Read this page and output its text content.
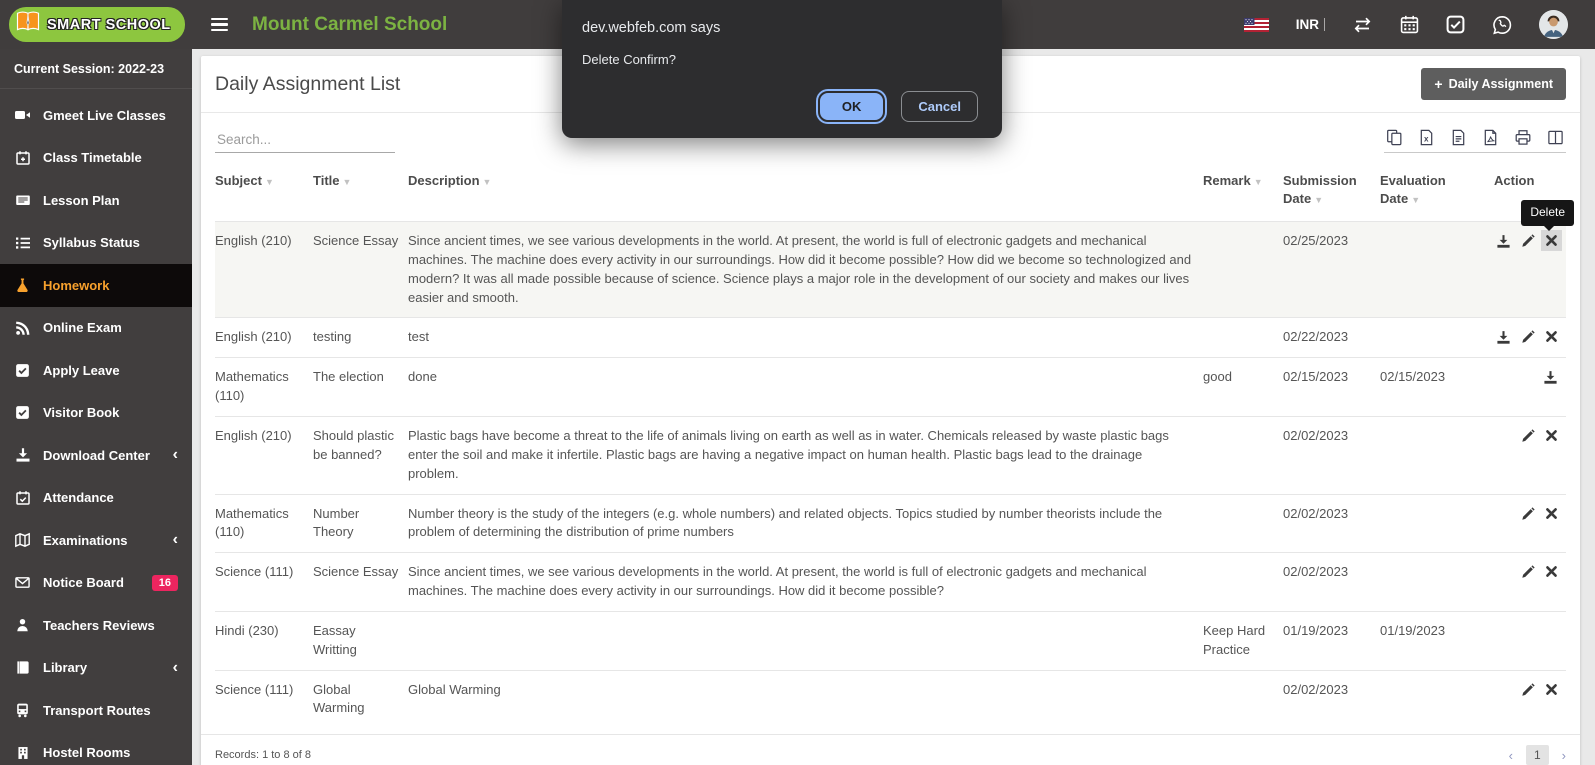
SMART SCHOOL	Mount Carmel School	INR
Current Session: 2022-23
Gmeet Live Classes
Class Timetable
Lesson Plan
Syllabus Status
Homework
Online Exam
Apply Leave
Visitor Book
Download Center ‹
Attendance
Examinations	‹
Notice Board	16
Teachers Reviews
Library	‹
Transport Routes
Hostel Rooms
Daily Assignment List	+ Daily Assignment
Search...
x
Subject ▼	Title ▼	Description ▼	Remark ▼	Submission Date ▼	Evaluation Date ▼	Action
English (210)	Science Essay	Since ancient times, we see various developments in the world. At present, the world is full of electronic gadgets and mechanical machines. The machine does every activity in our surroundings. How did it become possible? How did we become so technologized and modern? It was all made possible because of science. Science plays a major role in the development of our society and makes our lives easier and smooth.		02/25/2023		Delete

English (210)	testing	test		02/22/2023		

Mathematics (110)	The election	done	good	02/15/2023	02/15/2023	

English (210)	Should plastic be banned?	Plastic bags have become a threat to the life of animals living on earth as well as in water. Chemicals released by waste plastic bags enter the soil and make it infertile. Plastic bags are having a negative impact on human health. Plastic bags lead to the drainage problem.		02/02/2023		

Mathematics (110)	Number Theory	Number theory is the study of the integers (e.g. whole numbers) and related objects. Topics studied by number theorists include the problem of determining the distribution of prime numbers		02/02/2023		

Science (111)	Science Essay	Since ancient times, we see various developments in the world. At present, the world is full of electronic gadgets and mechanical machines. The machine does every activity in our surroundings. How did it become possible?		02/02/2023		

Hindi (230)	Eassay Writting		Keep Hard Practice	01/19/2023	01/19/2023	

Science (111)	Global Warming	Global Warming		02/02/2023		
Records: 1 to 8 of 8	‹	1	›
dev.webfeb.com says
Delete Confirm?
OK	Cancel
